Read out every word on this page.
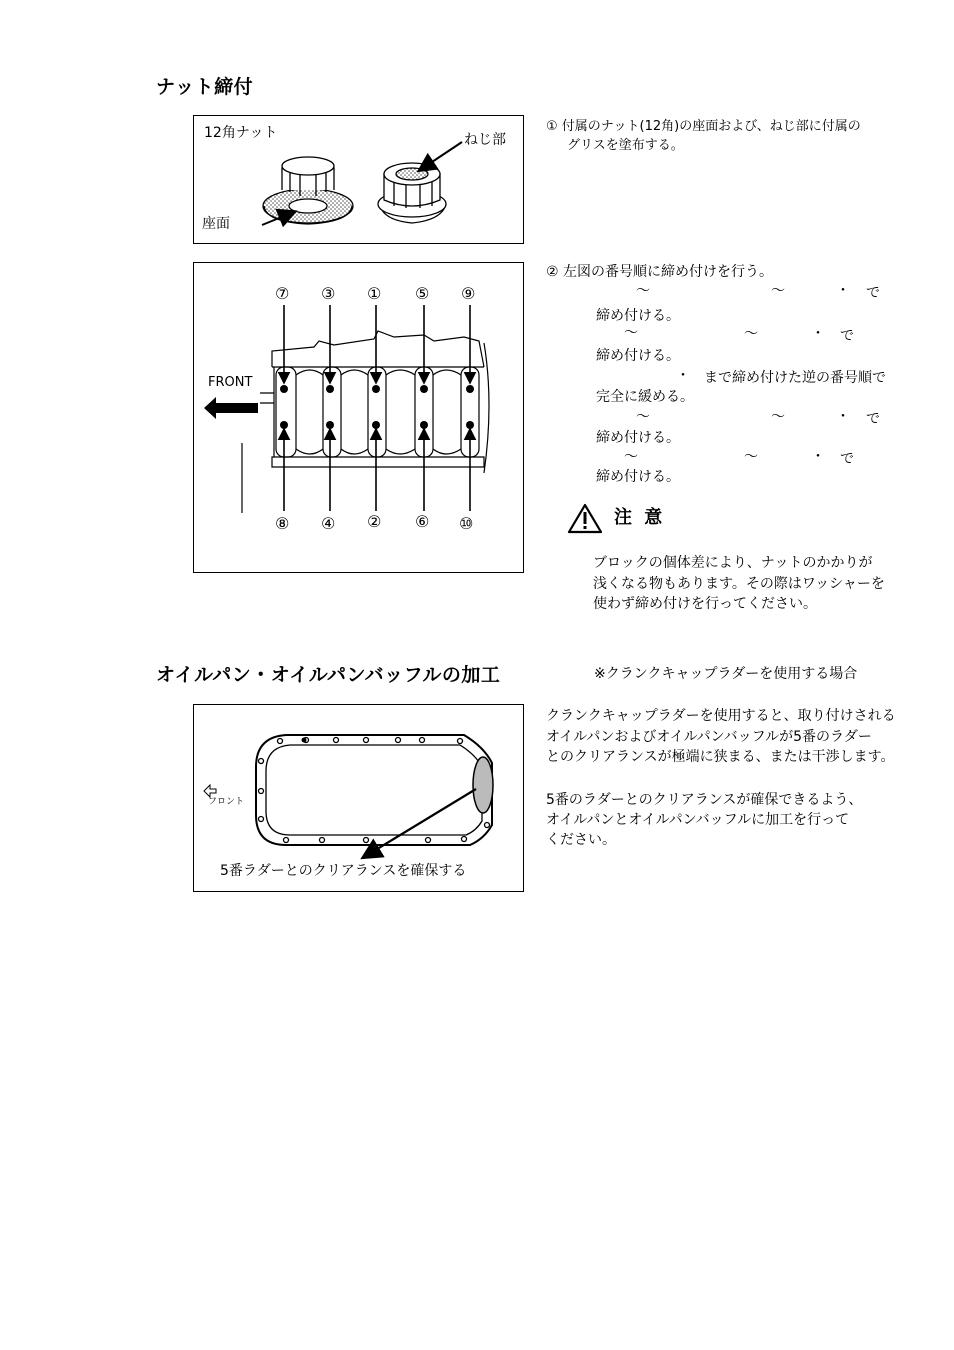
ナット締付
12角ナット	ねじ部
座面
① 付属のナット(12角)の座面および、ねじ部に付属の
グリスを塗布する。
FRONT
⑦ ③ ① ⑤ ⑨
⑧ ④ ② ⑥ ⑩
② 左図の番号順に締め付けを行う。
～	～	・ で
締め付ける。
～	～	・ で
締め付ける。
・ まで締め付けた逆の番号順で
完全に緩める。
～	～	・ で
締め付ける。
～	～	・ で
締め付ける。
注 意
ブロックの個体差により、ナットのかかりが
浅くなる物もあります。その際はワッシャーを
使わず締め付けを行ってください。
オイルパン・オイルパンバッフルの加工	※クランクキャップラダーを使用する場合
フロント
5番ラダーとのクリアランスを確保する
クランクキャップラダーを使用すると、取り付けされる
オイルパンおよびオイルパンバッフルが5番のラダー
とのクリアランスが極端に狭まる、または干渉します。
5番のラダーとのクリアランスが確保できるよう、
オイルパンとオイルパンバッフルに加工を行って
ください。
